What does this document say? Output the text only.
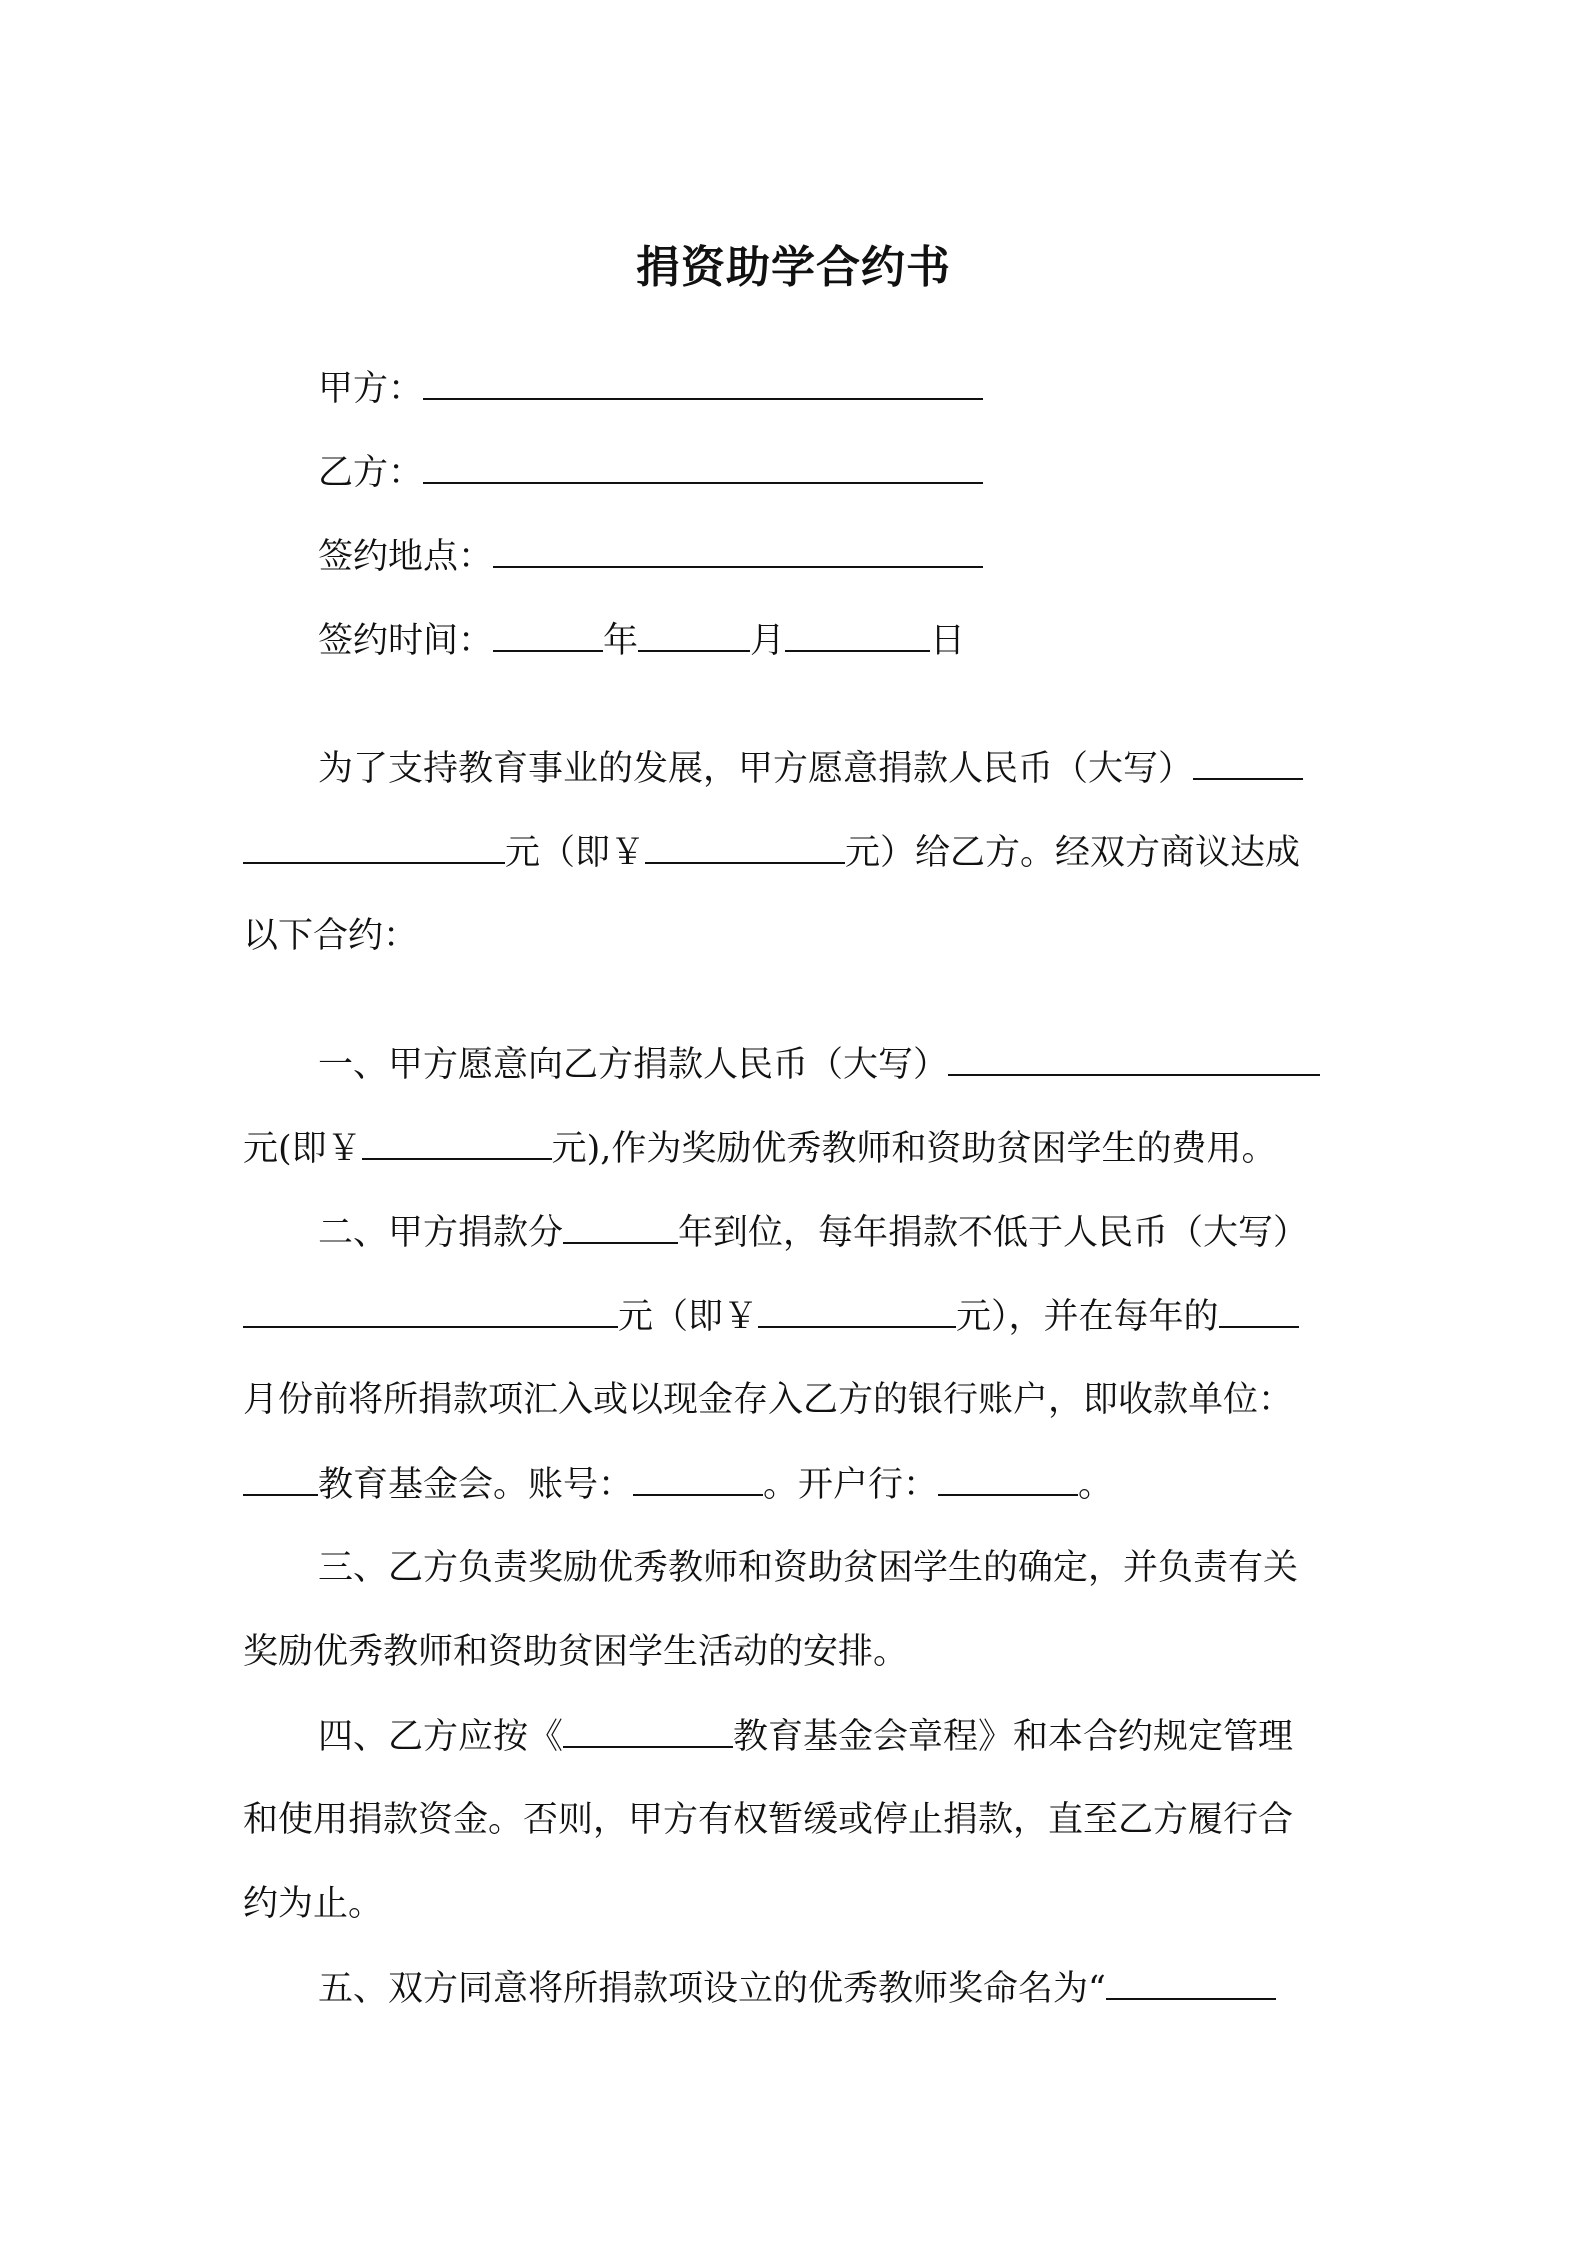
捐资助学合约书
甲方：
乙方：
签约地点：
签约时间：	年	月	日
为了支持教育事业的发展，甲方愿意捐款人民币（大写）
元（即￥	元）给乙方。经双方商议达成
以下合约：
一、甲方愿意向乙方捐款人民币（大写）
元(即￥	元),作为奖励优秀教师和资助贫困学生的费用。
二、甲方捐款分	年到位，每年捐款不低于人民币（大写）
元（即￥	元），并在每年的
月份前将所捐款项汇入或以现金存入乙方的银行账户，即收款单位：
教育基金会。账号：	。开户行：	。
三、乙方负责奖励优秀教师和资助贫困学生的确定，并负责有关
奖励优秀教师和资助贫困学生活动的安排。
四、乙方应按《	教育基金会章程》和本合约规定管理
和使用捐款资金。否则，甲方有权暂缓或停止捐款，直至乙方履行合
约为止。
五、双方同意将所捐款项设立的优秀教师奖命名为“
